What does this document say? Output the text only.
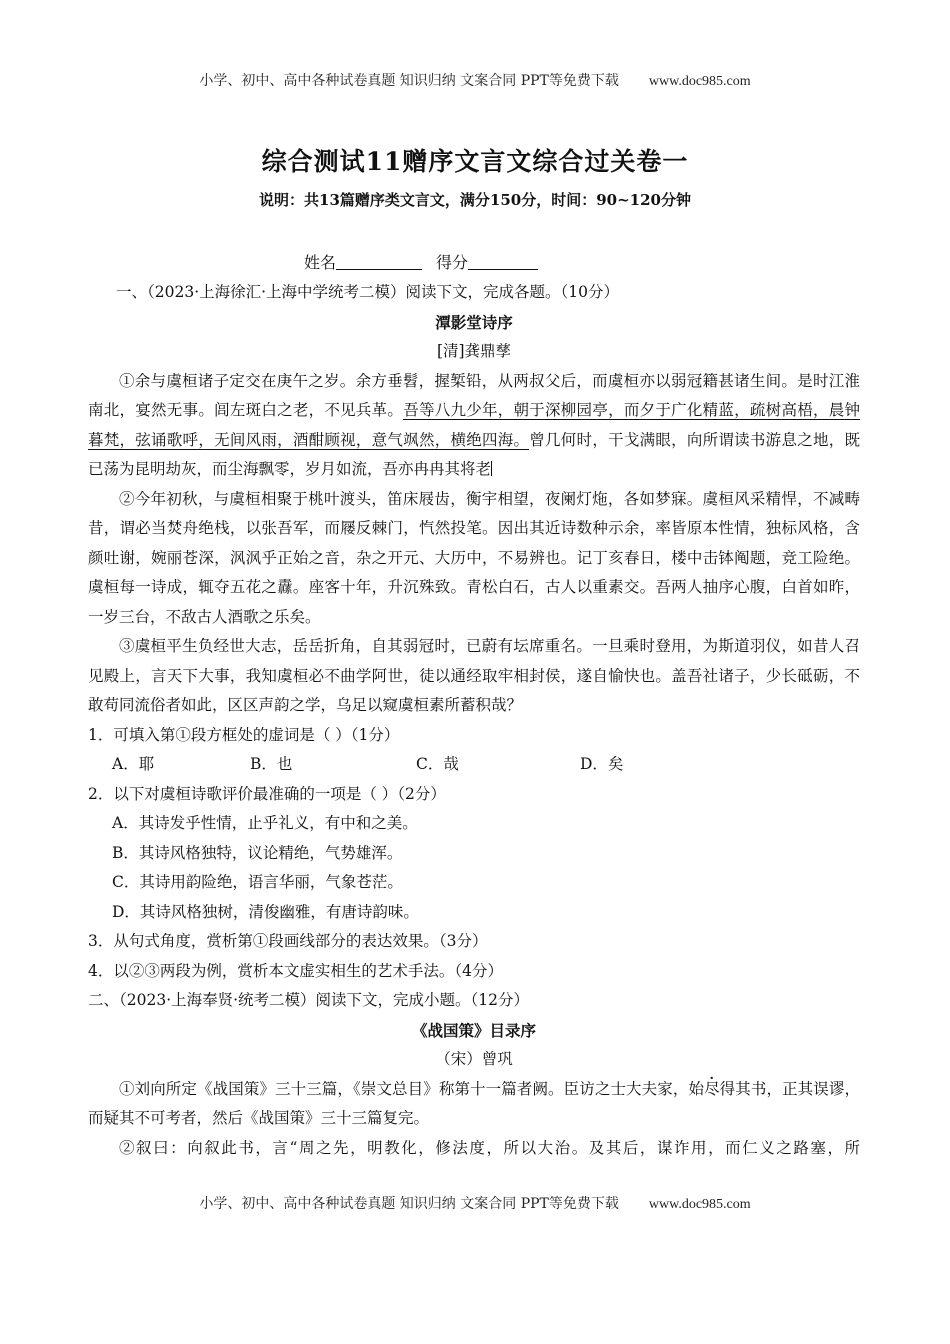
小学、初中、高中各种试卷真题 知识归纳 文案合同 PPT等免费下载 www.doc985.com
综合测试11赠序文言文综合过关卷一
说明：共13篇赠序类文言文，满分150分，时间：90~120分钟
姓名	得分

一、（2023·上海徐汇·上海中学统考二模）阅读下文，完成各题。（10分）

潭影堂诗序

[清]龚鼎孳

①余与虞桓诸子定交在庚午之岁。余方垂髫，握椠铅，从两叔父后，而虞桓亦以弱冠籍甚诸生间。是时江淮南北，宴然无事。闾左斑白之老，不见兵革。吾等八九少年，朝于深柳园亭，而夕于广化精蓝，疏树高梧，晨钟暮梵，弦诵歌呼，无间风雨，酒酣顾视，意气飒然，横绝四海。曾几何时，干戈满眼，向所谓读书游息之地，既已荡为昆明劫灰，而尘海飘零，岁月如流，吾亦冉冉其将老

②今年初秋，与虞桓相聚于桃叶渡头，笛床屐齿，衡宇相望，夜阑灯炧，各如梦寐。虞桓风采精悍，不减畴昔，谓必当焚舟绝栈，以张吾军，而屦反棘门，忾然投笔。因出其近诗数种示余，率皆原本性情，独标风格，含颜吐谢，婉丽苍深，沨沨乎正始之音，杂之开元、大历中，不易辨也。记丁亥春日，楼中击钵阄题，竞工险绝。虞桓每一诗成，辄夺五花之纛。座客十年，升沉殊致。青松白石，古人以重素交。吾两人抽序心腹，白首如昨，一岁三台，不敌古人酒歌之乐矣。

③虞桓平生负经世大志，岳岳折角，自其弱冠时，已蔚有坛席重名。一旦乘时登用，为斯道羽仪，如昔人召见殿上，言天下大事，我知虞桓必不曲学阿世，徒以通经取牢相封侯，遂自愉快也。盖吾社诸子，少长砥砺，不敢苟同流俗者如此，区区声韵之学，乌足以窥虞桓素所蓄积哉？

1．可填入第①段方框处的虚词是（ ）（1分）

A．耶	B．也	C．哉	D．矣

2．以下对虞桓诗歌评价最准确的一项是（ ）（2分）

A．其诗发乎性情，止乎礼义，有中和之美。

B．其诗风格独特，议论精绝，气势雄浑。

C．其诗用韵险绝，语言华丽，气象苍茫。

D．其诗风格独树，清俊幽雅，有唐诗韵味。

3．从句式角度，赏析第①段画线部分的表达效果。（3分）

4．以②③两段为例，赏析本文虚实相生的艺术手法。（4分）

二、（2023·上海奉贤·统考二模）阅读下文，完成小题。（12分）

《战国策》目录序

（宋）曾巩

①刘向所定《战国策》三十三篇，《崇文总目》称第十一篇者阙。臣访之士大夫家，始尽得其书，正其误谬，而疑其不可考者，然后《战国策》三十三篇复完。

②叙曰：向叙此书，言“周之先，明教化，修法度，所以大治。及其后，谋诈用，而仁义之路塞，所

小学、初中、高中各种试卷真题 知识归纳 文案合同 PPT等免费下载 www.doc985.com
